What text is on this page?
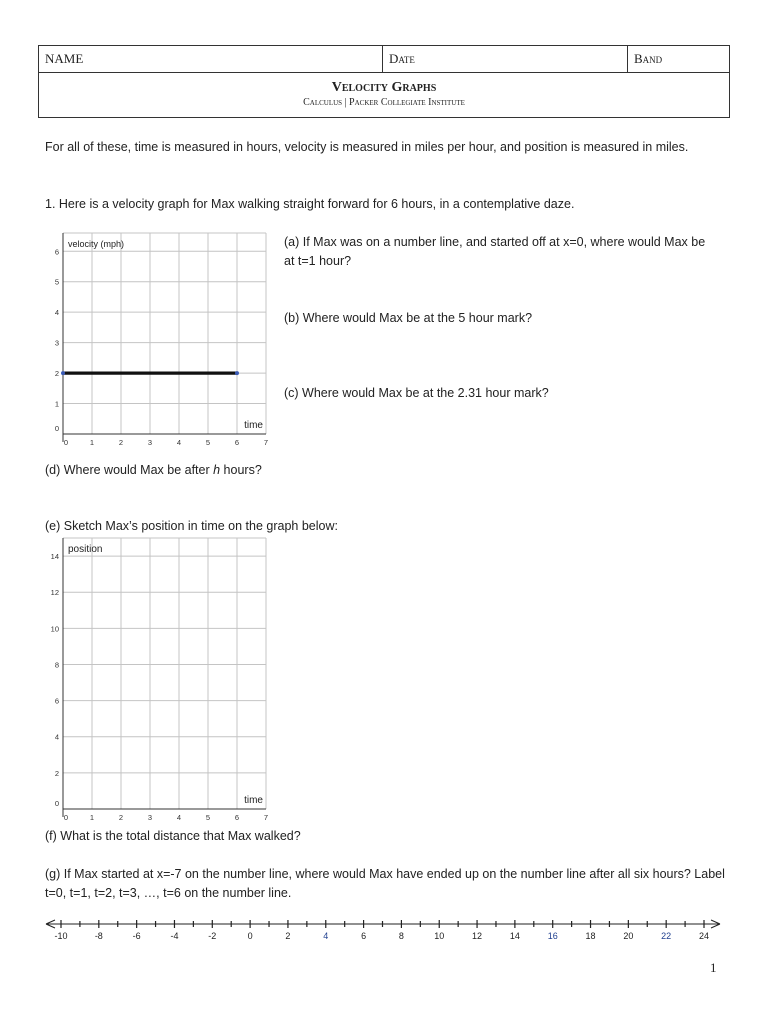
NAME	Date	Band
Velocity Graphs
Calculus | Packer Collegiate Institute
For all of these, time is measured in hours, velocity is measured in miles per hour, and position is measured in miles.
1. Here is a velocity graph for Max walking straight forward for 6 hours, in a contemplative daze.
0
1
2
3
4
5
6
0	1	2	3	4	5	6	7
velocity (mph)
time
(a) If Max was on a number line, and started off at x=0, where would Max be at t=1 hour?
(b) Where would Max be at the 5 hour mark?
(c) Where would Max be at the 2.31 hour mark?
(d) Where would Max be after h hours?
(e) Sketch Max’s position in time on the graph below:
0
2
4
6
8
10
12
14
0	1	2	3	4	5	6	7
position
time
(f) What is the total distance that Max walked?
(g) If Max started at x=-7 on the number line, where would Max have ended up on the number line after all six hours? Label t=0, t=1, t=2, t=3, …, t=6 on the number line.
-10	-8	-6	-4	-2	0	2	4	6	8	10	12	14	16	18	20	22	24
1
